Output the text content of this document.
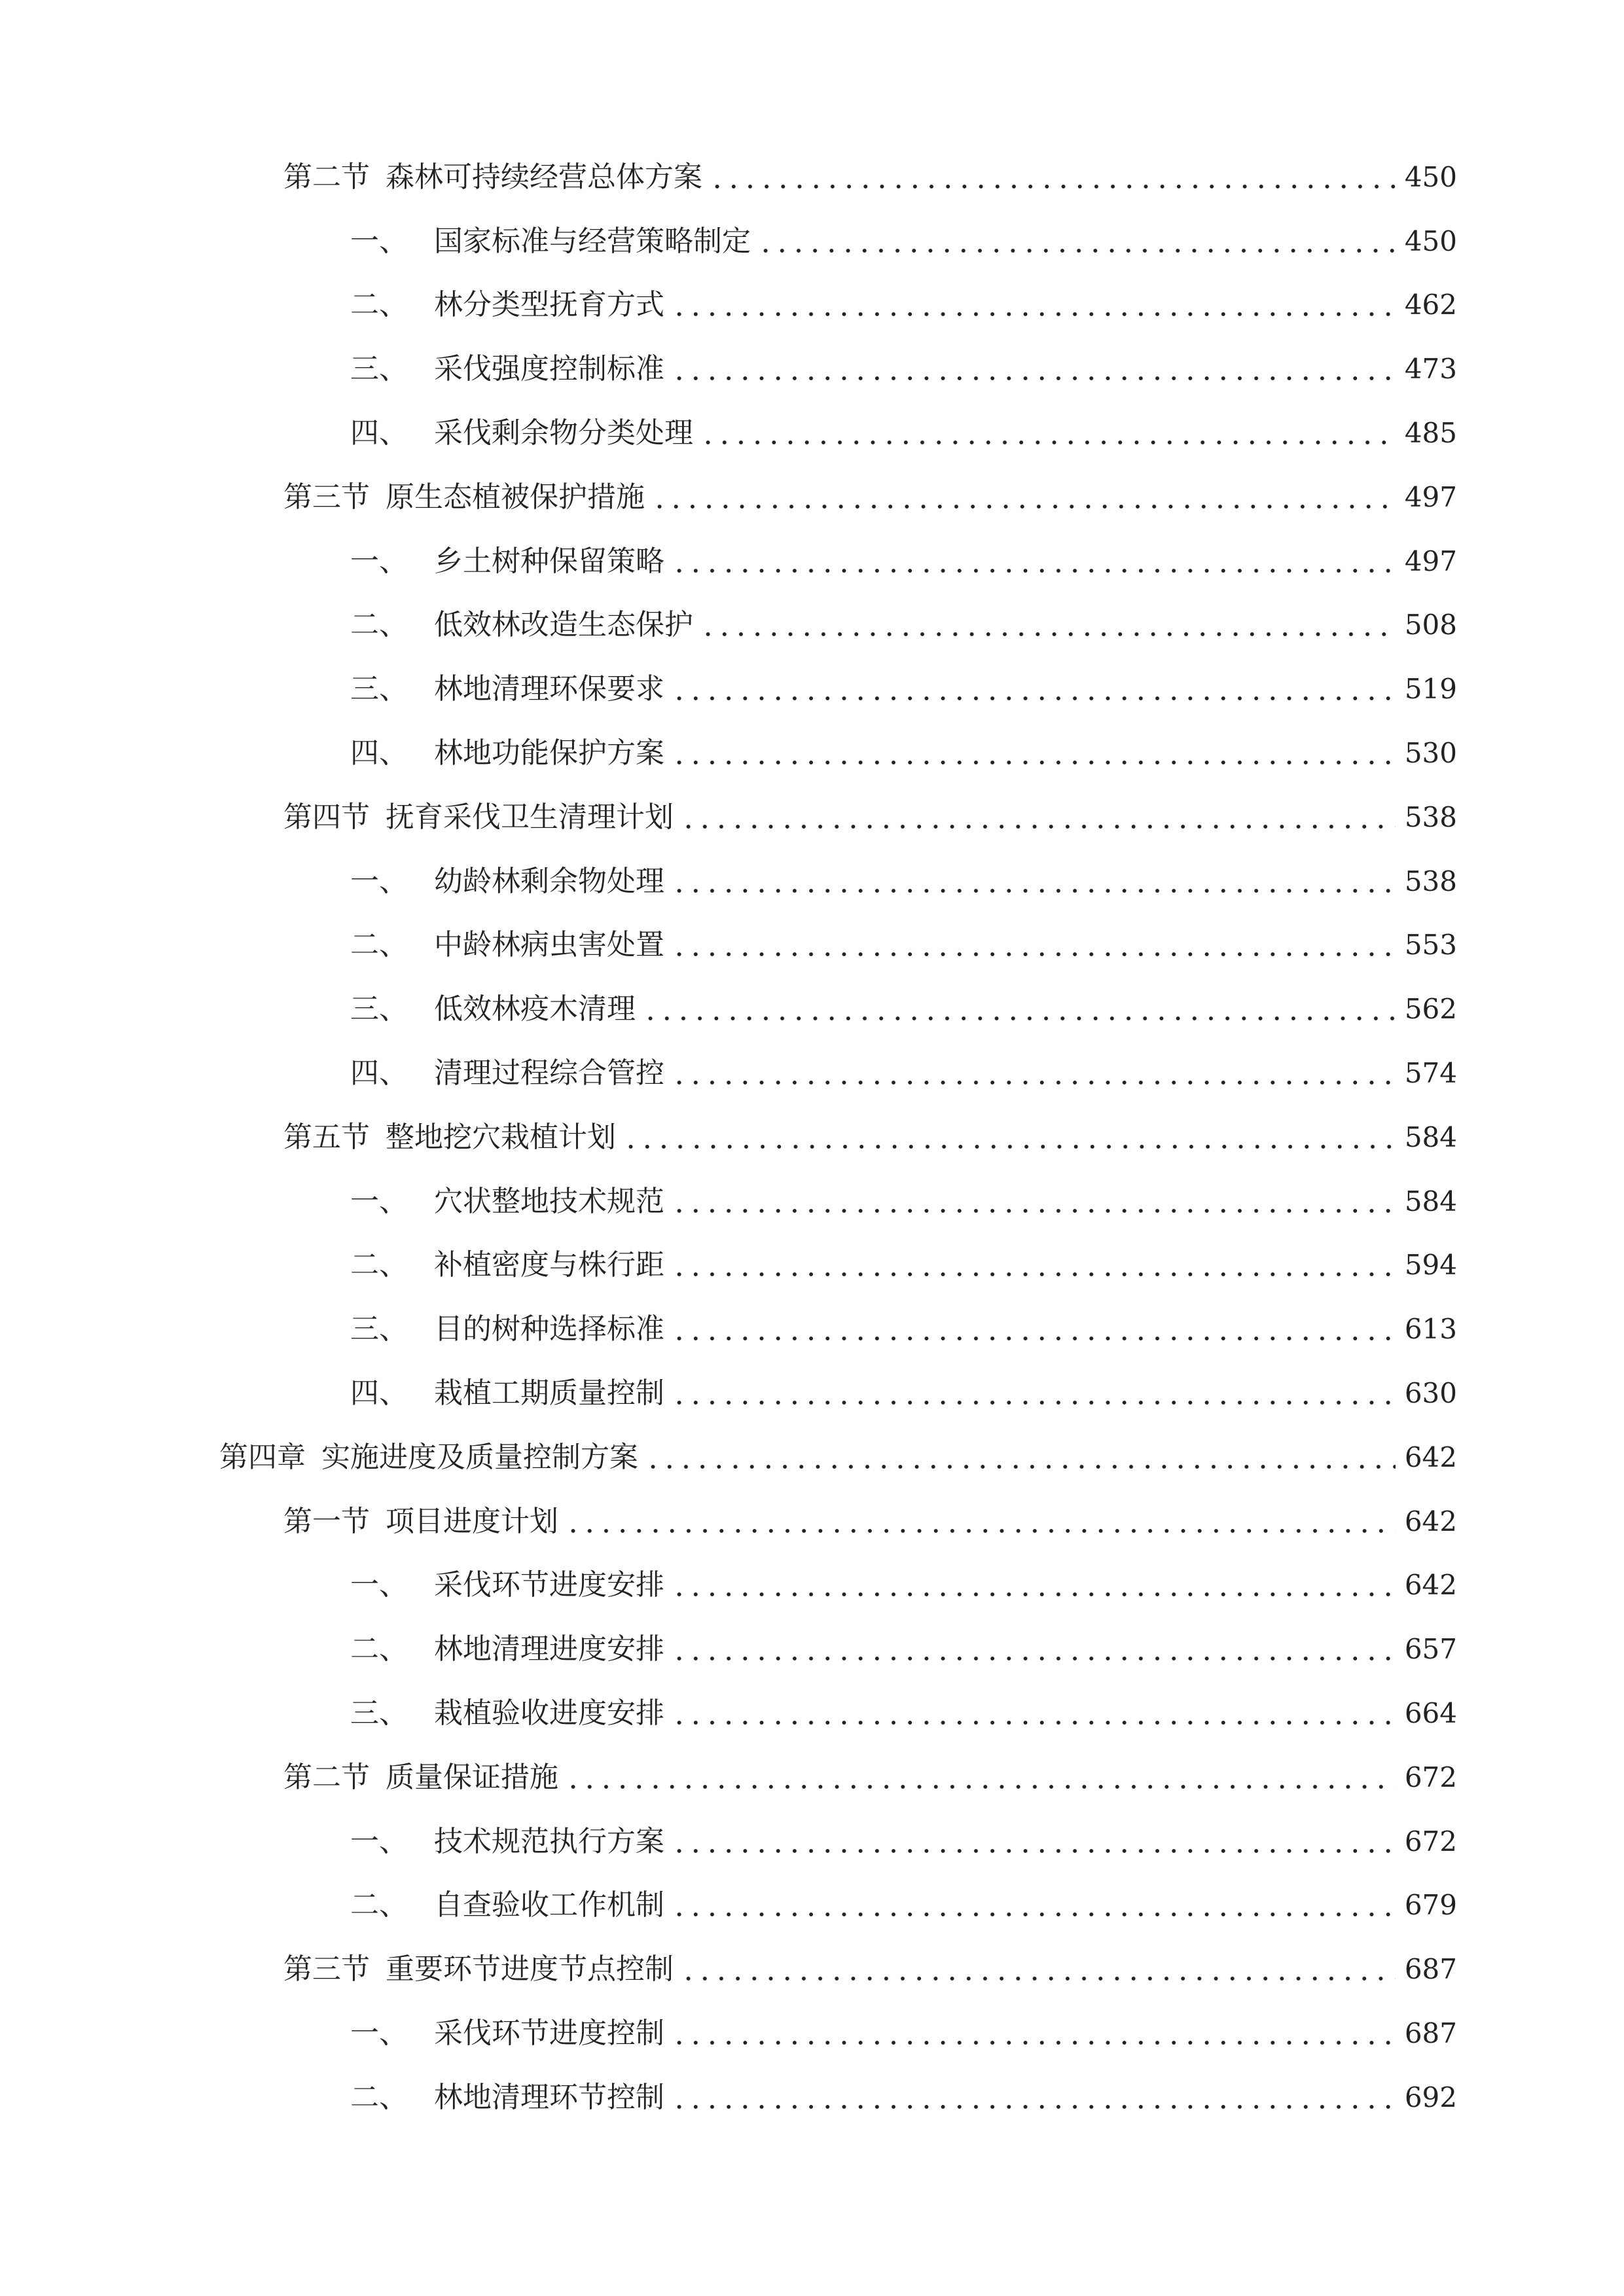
第二节 森林可持续经营总体方案	450
一、 国家标准与经营策略制定	450
二、 林分类型抚育方式	462
三、 采伐强度控制标准	473
四、 采伐剩余物分类处理	485
第三节 原生态植被保护措施	497
一、 乡土树种保留策略	497
二、 低效林改造生态保护	508
三、 林地清理环保要求	519
四、 林地功能保护方案	530
第四节 抚育采伐卫生清理计划	538
一、 幼龄林剩余物处理	538
二、 中龄林病虫害处置	553
三、 低效林疫木清理	562
四、 清理过程综合管控	574
第五节 整地挖穴栽植计划	584
一、 穴状整地技术规范	584
二、 补植密度与株行距	594
三、 目的树种选择标准	613
四、 栽植工期质量控制	630
第四章 实施进度及质量控制方案	642
第一节 项目进度计划	642
一、 采伐环节进度安排	642
二、 林地清理进度安排	657
三、 栽植验收进度安排	664
第二节 质量保证措施	672
一、 技术规范执行方案	672
二、 自查验收工作机制	679
第三节 重要环节进度节点控制	687
一、 采伐环节进度控制	687
二、 林地清理环节控制	692
